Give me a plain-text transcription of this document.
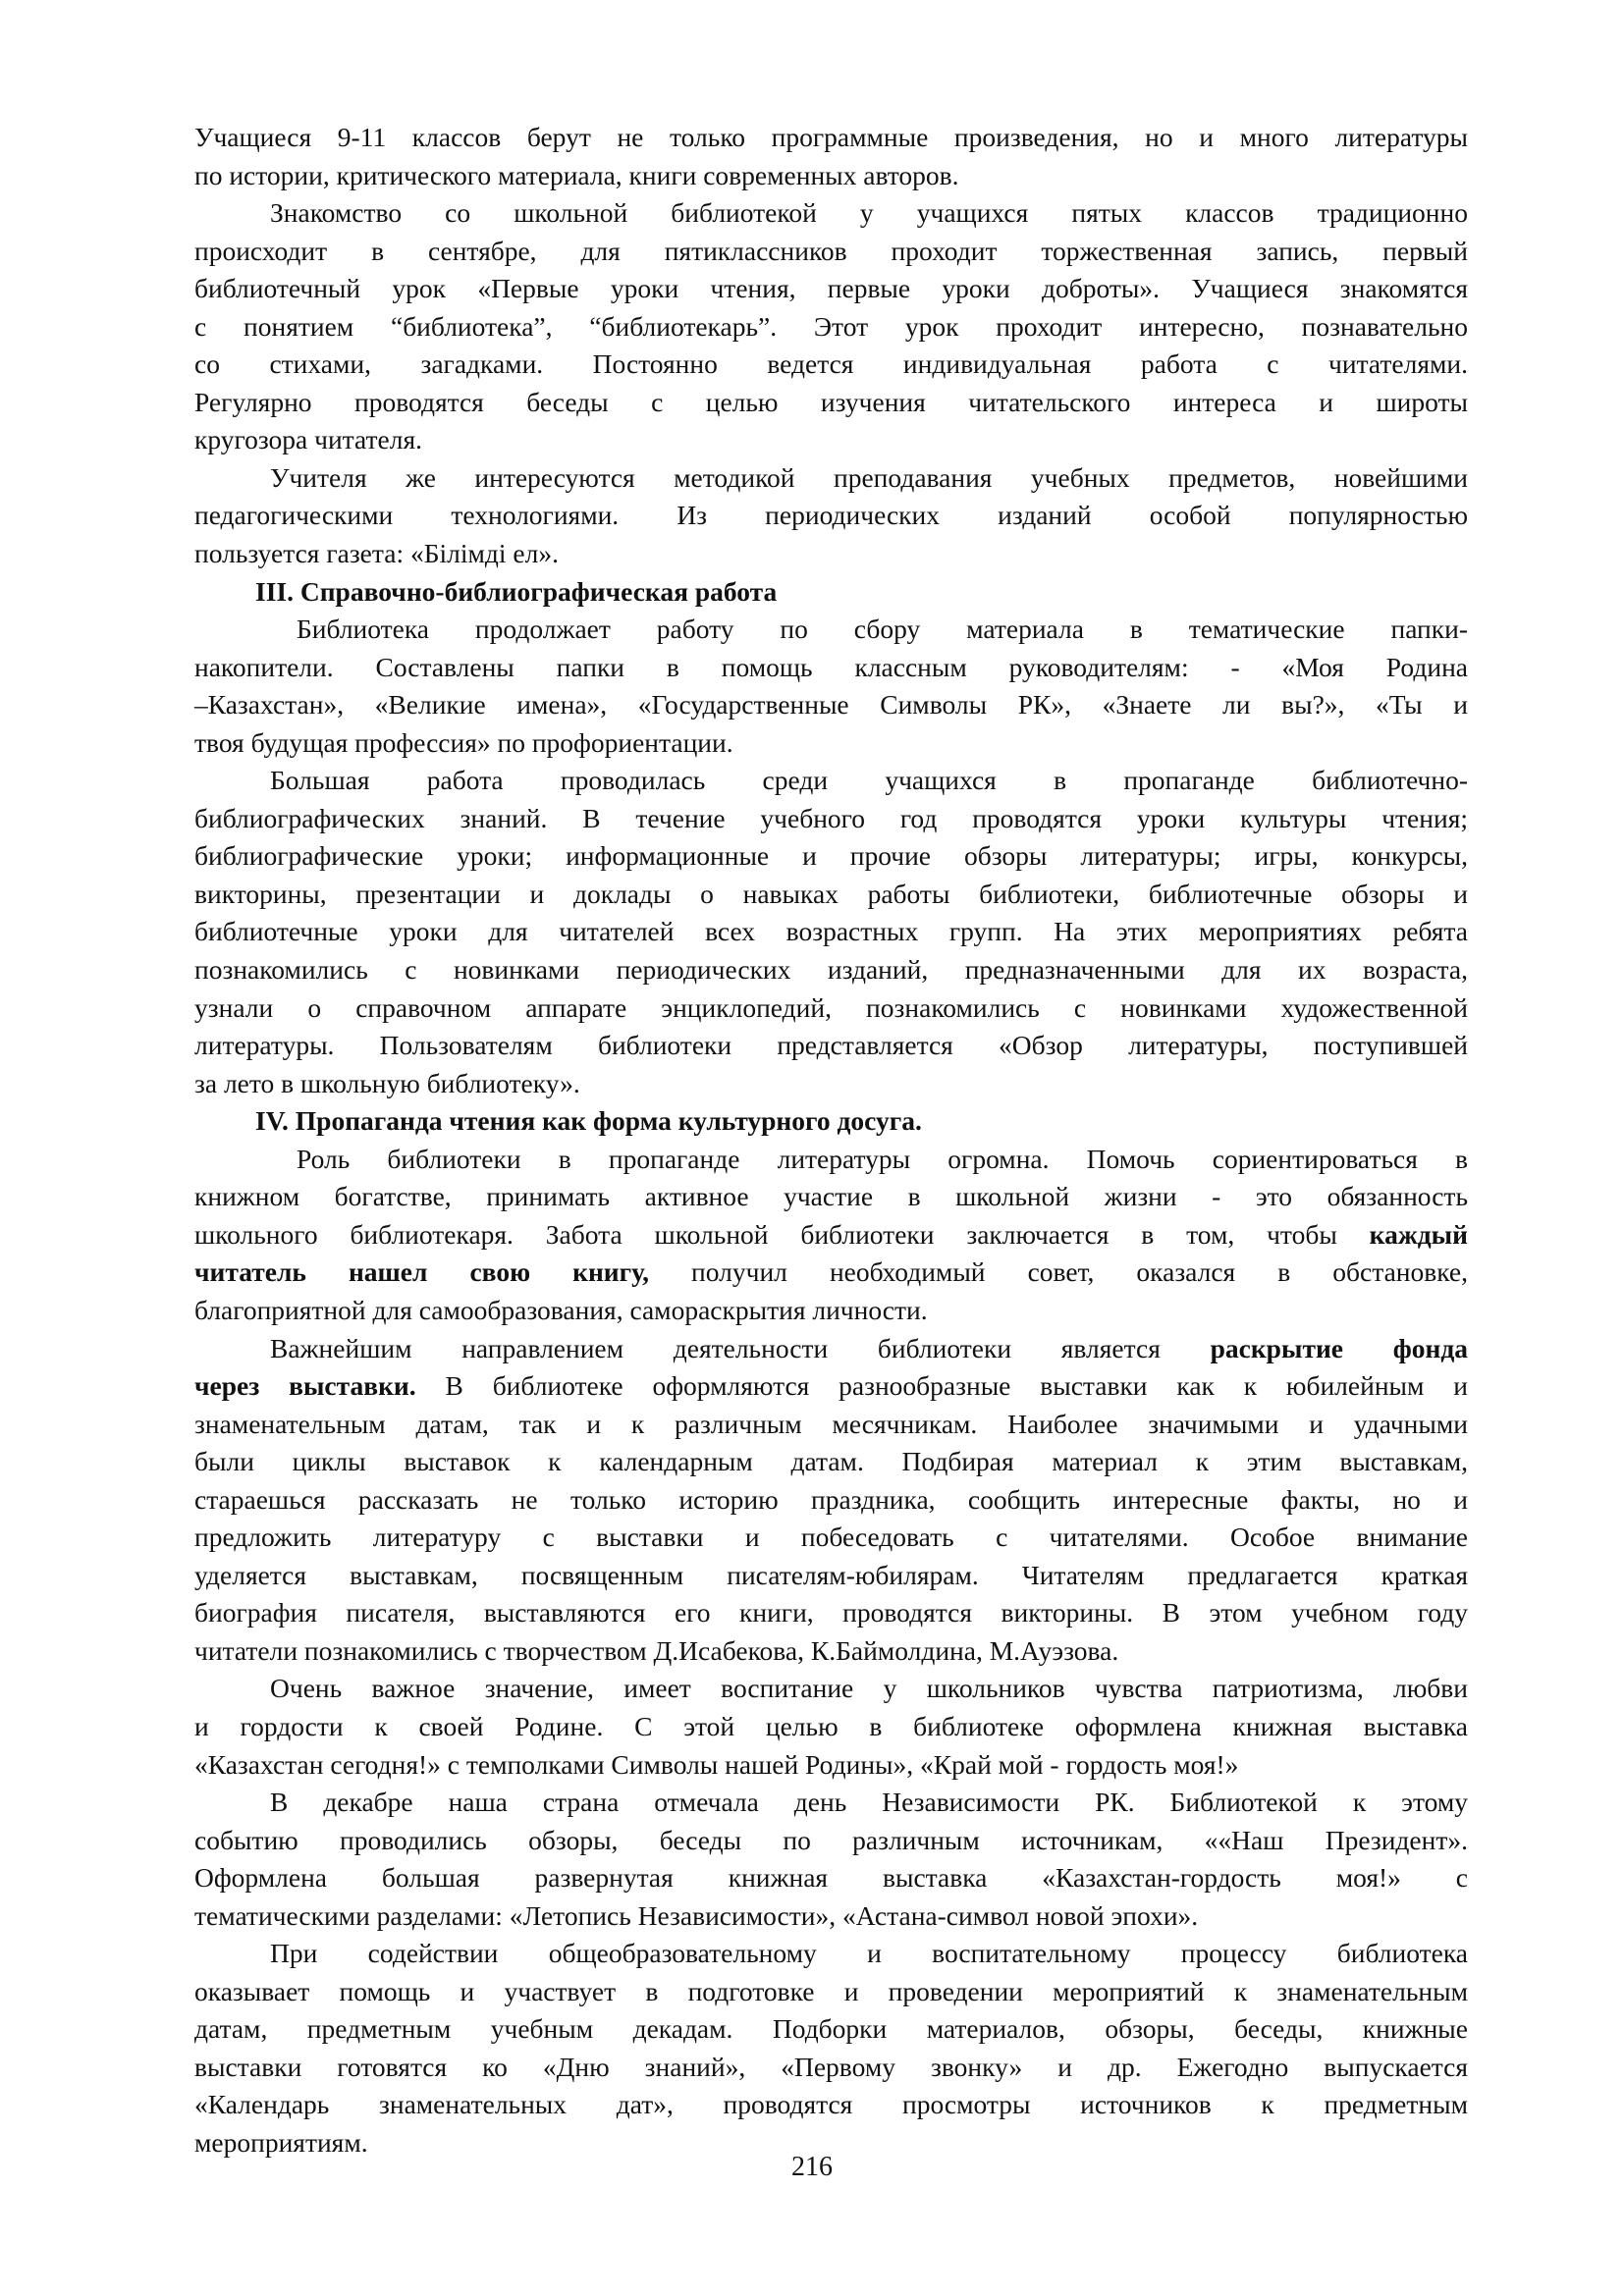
Учащиеся 9-11 классов берут не только программные произведения, но и много литературы
по истории, критического материала, книги современных авторов.
Знакомство со школьной библиотекой у учащихся пятых классов традиционно
происходит в сентябре, для пятиклассников проходит торжественная запись, первый
библиотечный урок «Первые уроки чтения, первые уроки доброты». Учащиеся знакомятся
с понятием “библиотека”, “библиотекарь”. Этот урок проходит интересно, познавательно
со стихами, загадками. Постоянно ведется индивидуальная работа с читателями.
Регулярно проводятся беседы с целью изучения читательского интереса и широты
кругозора читателя.
Учителя же интересуются методикой преподавания учебных предметов, новейшими
педагогическими технологиями. Из периодических изданий особой популярностью
пользуется газета: «Білімді ел».
III. Справочно-библиографическая работа
Библиотека продолжает работу по сбору материала в тематические папки-
накопители. Составлены папки в помощь классным руководителям: - «Моя Родина
–Казахстан», «Великие имена», «Государственные Символы РК», «Знаете ли вы?», «Ты и
твоя будущая профессия» по профориентации.
Большая работа проводилась среди учащихся в пропаганде библиотечно-
библиографических знаний. В течение учебного год проводятся уроки культуры чтения;
библиографические уроки; информационные и прочие обзоры литературы; игры, конкурсы,
викторины, презентации и доклады о навыках работы библиотеки, библиотечные обзоры и
библиотечные уроки для читателей всех возрастных групп. На этих мероприятиях ребята
познакомились с новинками периодических изданий, предназначенными для их возраста,
узнали о справочном аппарате энциклопедий, познакомились с новинками художественной
литературы. Пользователям библиотеки представляется «Обзор литературы, поступившей
за лето в школьную библиотеку».
IV. Пропаганда чтения как форма культурного досуга.
Роль библиотеки в пропаганде литературы огромна. Помочь сориентироваться в
книжном богатстве, принимать активное участие в школьной жизни - это обязанность
школьного библиотекаря. Забота школьной библиотеки заключается в том, чтобы каждый
читатель нашел свою книгу, получил необходимый совет, оказался в обстановке,
благоприятной для самообразования, самораскрытия личности.
Важнейшим направлением деятельности библиотеки является раскрытие фонда
через выставки. В библиотеке оформляются разнообразные выставки как к юбилейным и
знаменательным датам, так и к различным месячникам. Наиболее значимыми и удачными
были циклы выставок к календарным датам. Подбирая материал к этим выставкам,
стараешься рассказать не только историю праздника, сообщить интересные факты, но и
предложить литературу с выставки и побеседовать с читателями. Особое внимание
уделяется выставкам, посвященным писателям-юбилярам. Читателям предлагается краткая
биография писателя, выставляются его книги, проводятся викторины. В этом учебном году
читатели познакомились с творчеством Д.Исабекова, К.Баймолдина, М.Ауэзова.
Очень важное значение, имеет воспитание у школьников чувства патриотизма, любви
и гордости к своей Родине. С этой целью в библиотеке оформлена книжная выставка
«Казахстан сегодня!» с темполками Символы нашей Родины», «Край мой - гордость моя!»
В декабре наша страна отмечала день Независимости РК. Библиотекой к этому
событию проводились обзоры, беседы по различным источникам, ««Наш Президент».
Оформлена большая развернутая книжная выставка «Казахстан-гордость моя!» с
тематическими разделами: «Летопись Независимости», «Астана-символ новой эпохи».
При содействии общеобразовательному и воспитательному процессу библиотека
оказывает помощь и участвует в подготовке и проведении мероприятий к знаменательным
датам, предметным учебным декадам. Подборки материалов, обзоры, беседы, книжные
выставки готовятся ко «Дню знаний», «Первому звонку» и др. Ежегодно выпускается
«Календарь знаменательных дат», проводятся просмотры источников к предметным
мероприятиям.
216
